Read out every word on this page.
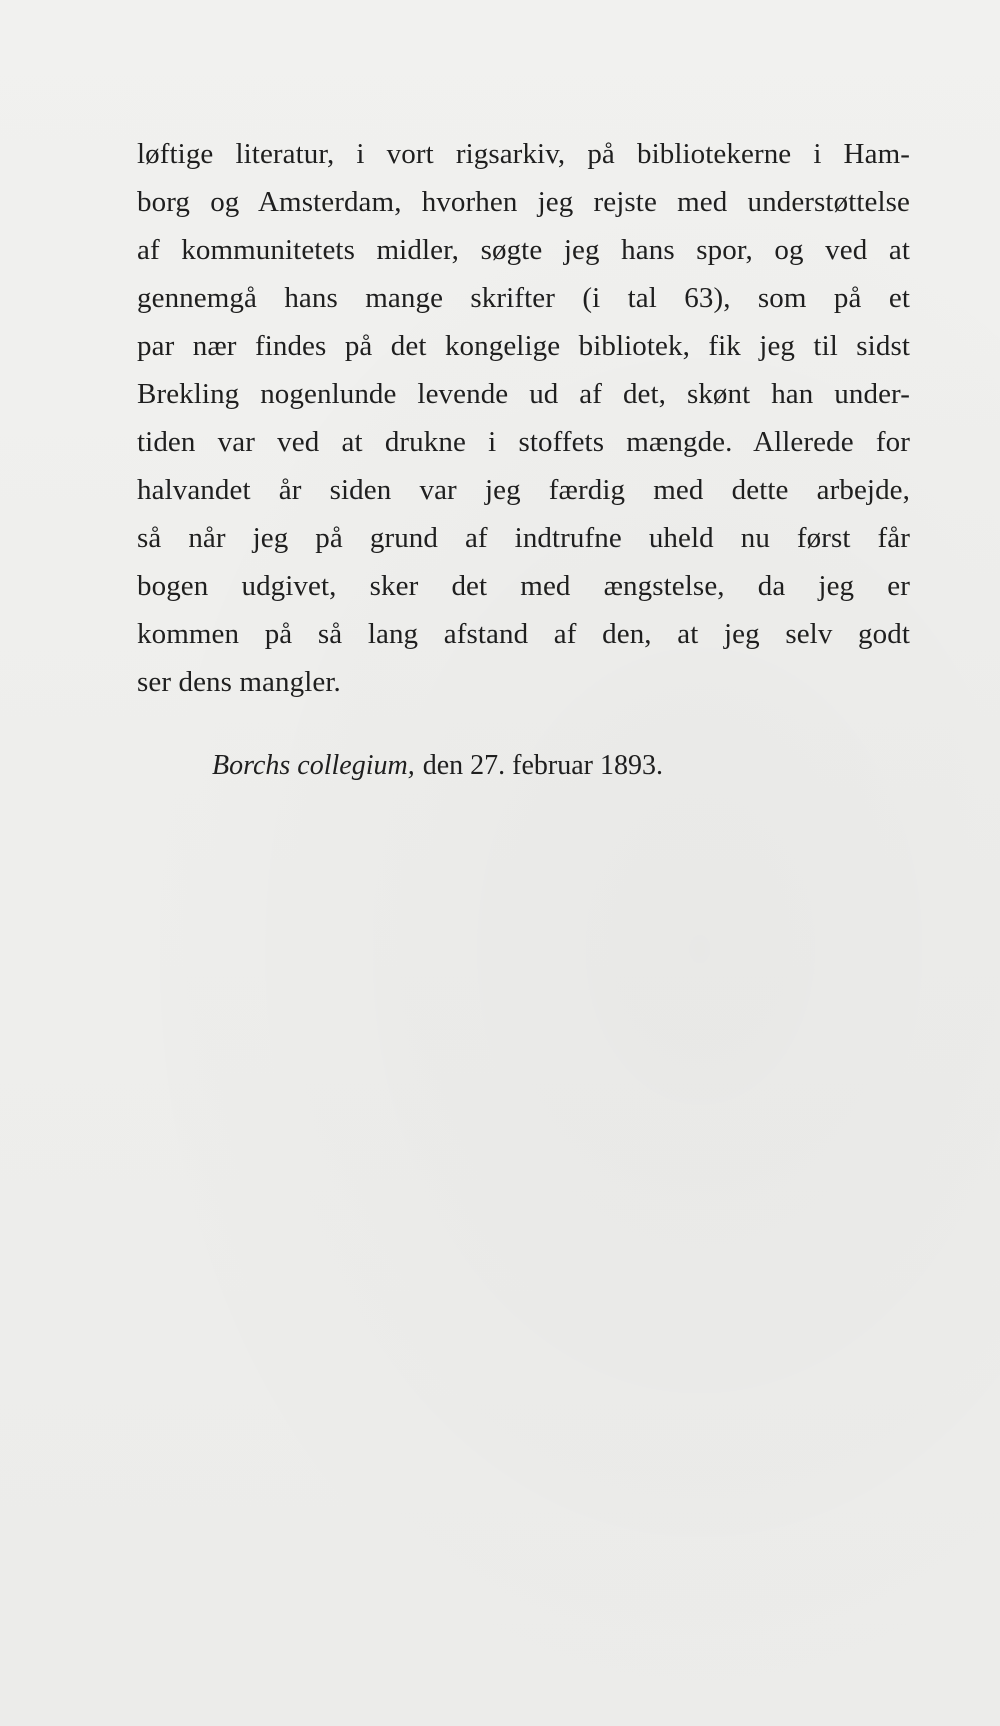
løftige literatur, i vort rigsarkiv, på bibliotekerne i Ham-
borg og Amsterdam, hvorhen jeg rejste med understøttelse
af kommunitetets midler, søgte jeg hans spor, og ved at
gennemgå hans mange skrifter (i tal 63), som på et
par nær findes på det kongelige bibliotek, fik jeg til sidst
Brekling nogenlunde levende ud af det, skønt han under-
tiden var ved at drukne i stoffets mængde. Allerede for
halvandet år siden var jeg færdig med dette arbejde,
så når jeg på grund af indtrufne uheld nu først får
bogen udgivet, sker det med ængstelse, da jeg er
kommen på så lang afstand af den, at jeg selv godt
ser dens mangler.
Borchs collegium, den 27. februar 1893.
